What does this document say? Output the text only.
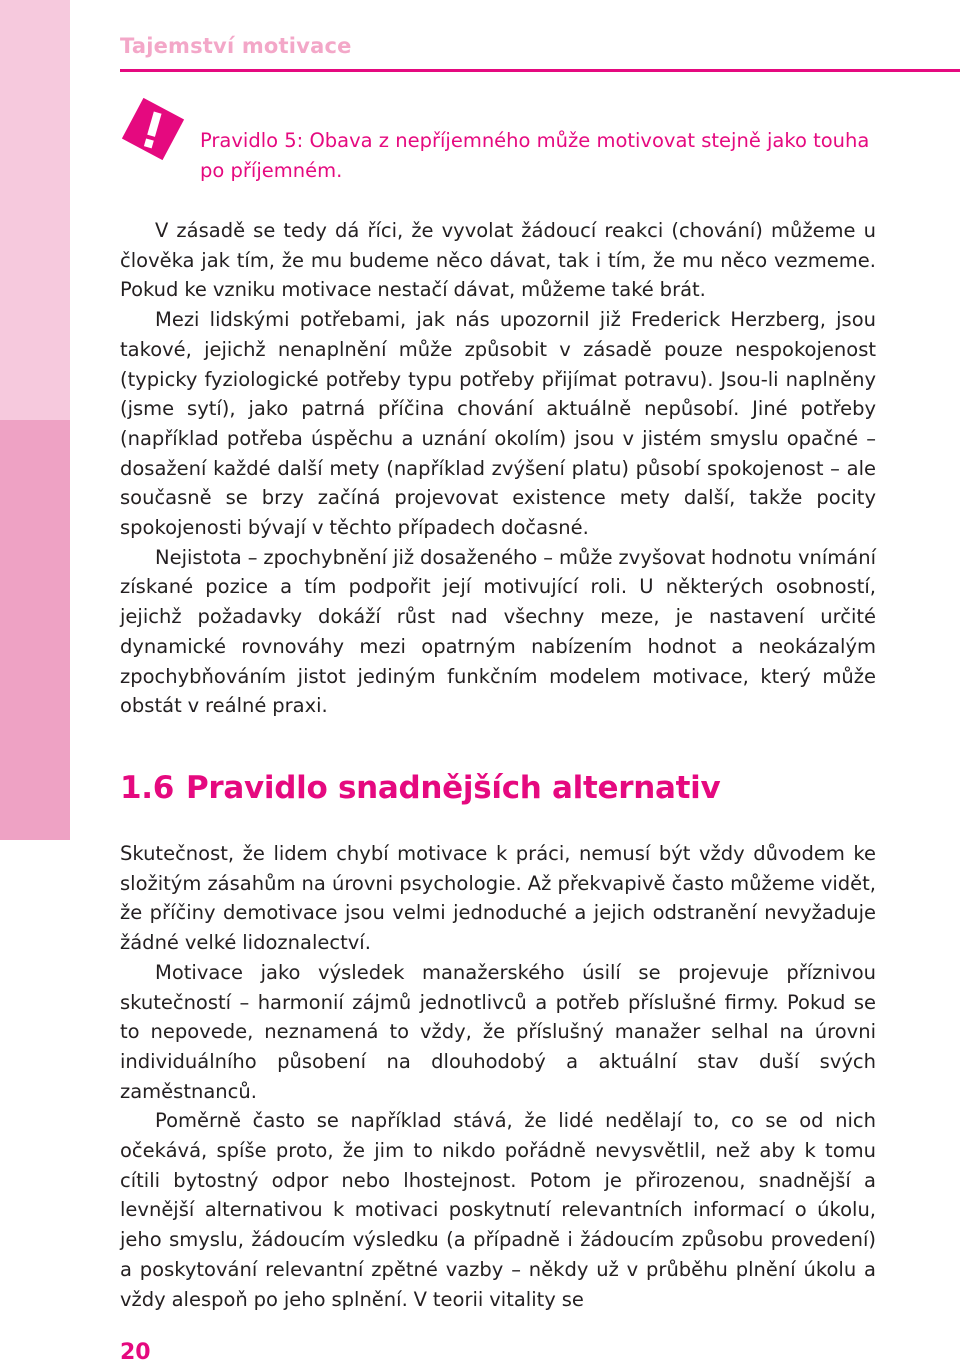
Tajemství motivace
Pravidlo 5: Obava z nepříjemného může motivovat stejně jako touha po příjemném.

V zásadě se tedy dá říci, že vyvolat žádoucí reakci (chování) můžeme u člověka jak tím, že mu budeme něco dávat, tak i tím, že mu něco vezmeme. Pokud ke vzniku motivace nestačí dávat, můžeme také brát.

Mezi lidskými potřebami, jak nás upozornil již Frederick Herzberg, jsou takové, jejichž nenaplnění může způsobit v zásadě pouze nespokojenost (typicky fyziologické potřeby typu potřeby přijímat potravu). Jsou-li naplněny (jsme sytí), jako patrná příčina chování aktuálně nepůsobí. Jiné potřeby (například potřeba úspěchu a uznání okolím) jsou v jistém smyslu opačné – dosažení každé další mety (například zvýšení platu) působí spokojenost – ale současně se brzy začíná projevovat existence mety další, takže pocity spokojenosti bývají v těchto případech dočasné.

Nejistota – zpochybnění již dosaženého – může zvyšovat hodnotu vnímání získané pozice a tím podpořit její motivující roli. U některých osobností, jejichž požadavky dokáží růst nad všechny meze, je nastavení určité dynamické rovnováhy mezi opatrným nabízením hodnot a neokázalým zpochybňováním jistot jediným funkčním modelem motivace, který může obstát v reálné praxi.

1.6 Pravidlo snadnějších alternativ

Skutečnost, že lidem chybí motivace k práci, nemusí být vždy důvodem ke složitým zásahům na úrovni psychologie. Až překvapivě často můžeme vidět, že příčiny demotivace jsou velmi jednoduché a jejich odstranění nevyžaduje žádné velké lidoznalectví.

Motivace jako výsledek manažerského úsilí se projevuje příznivou skutečností – harmonií zájmů jednotlivců a potřeb příslušné firmy. Pokud se to nepovede, neznamená to vždy, že příslušný manažer selhal na úrovni individuálního působení na dlouhodobý a aktuální stav duší svých zaměstnanců.

Poměrně často se například stává, že lidé nedělají to, co se od nich očekává, spíše proto, že jim to nikdo pořádně nevysvětlil, než aby k tomu cítili bytostný odpor nebo lhostejnost. Potom je přirozenou, snadnější a levnější alternativou k motivaci poskytnutí relevantních informací o úkolu, jeho smyslu, žádoucím výsledku (a případně i žádoucím způsobu provedení) a poskytování relevantní zpětné vazby – někdy už v průběhu plnění úkolu a vždy alespoň po jeho splnění. V teorii vitality se

20
